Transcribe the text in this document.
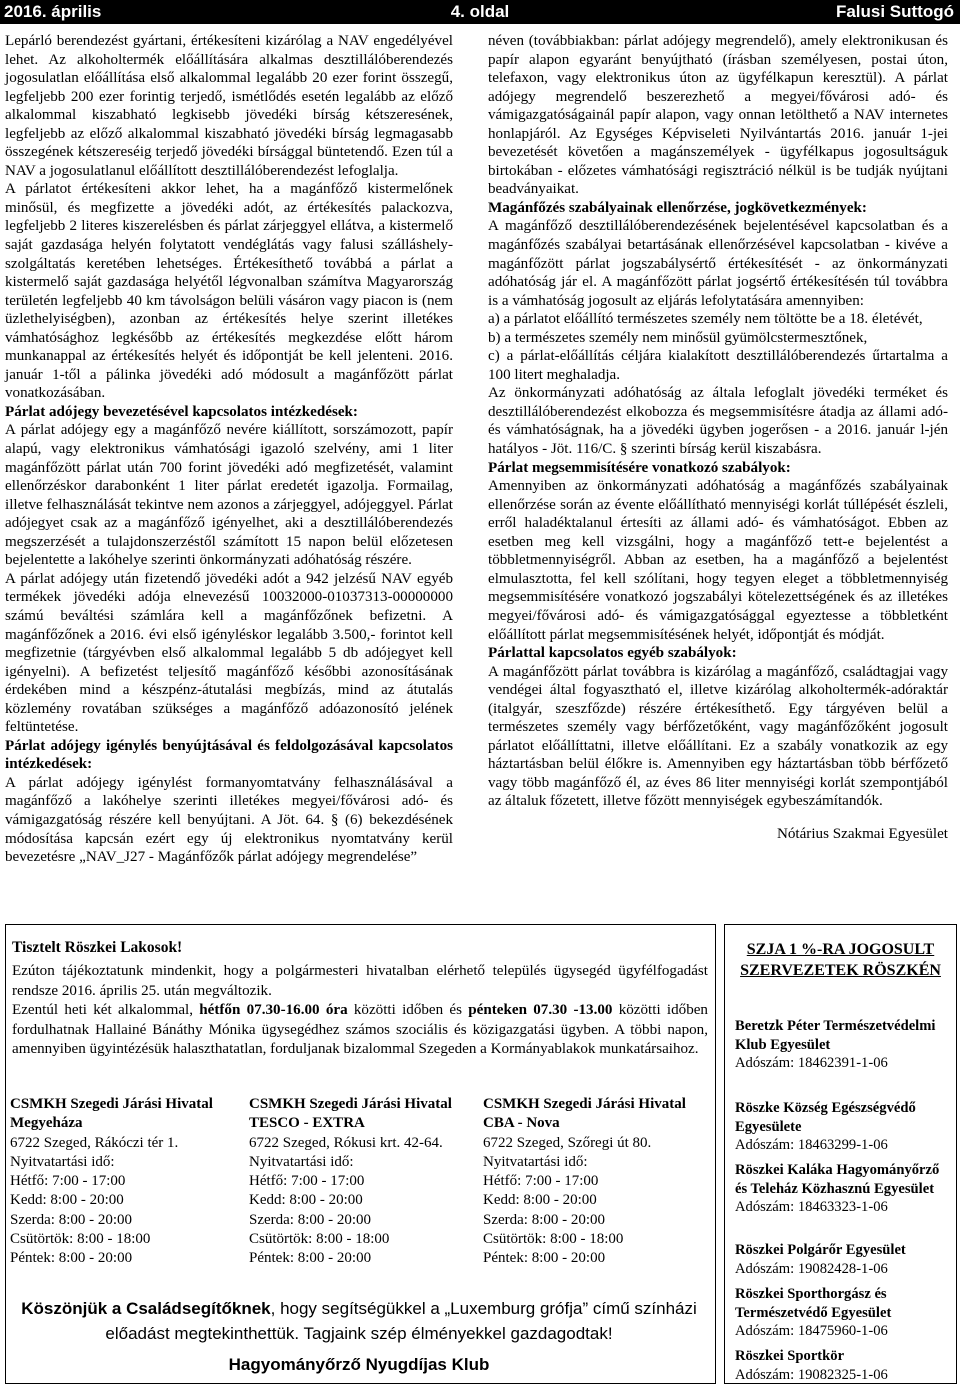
4. oldal
2016. április	Falusi Suttogó

Lepárló berendezést gyártani, értékesíteni kizárólag a NAV engedélyével lehet. Az alkoholtermék előállítására alkalmas desztillálóberendezés jogosulatlan előállítása első alkalommal legalább 20 ezer forint összegű, legfeljebb 200 ezer forintig terjedő, ismétlődés esetén legalább az előző alkalommal kiszabható legkisebb jövedéki bírság kétszeresének, legfeljebb az előző alkalommal kiszabható jövedéki bírság legmagasabb összegének kétszereséig terjedő jövedéki bírsággal büntetendő. Ezen túl a NAV a jogosulatlanul előállított desztillálóberendezést lefoglalja.

A párlatot értékesíteni akkor lehet, ha a magánfőző kistermelőnek minősül, és megfizette a jövedéki adót, az értékesítés palackozva, legfeljebb 2 literes kiszerelésben és párlat zárjeggyel ellátva, a kistermelő saját gazdasága helyén folytatott vendéglátás vagy falusi szálláshely-szolgáltatás keretében lehetséges. Értékesíthető továbbá a párlat a kistermelő saját gazdasága helyétől légvonalban számítva Magyarország területén legfeljebb 40 km távolságon belüli vásáron vagy piacon is (nem üzlethelyiségben), azonban az értékesítés helye szerint illetékes vámhatósághoz legkésőbb az értékesítés megkezdése előtt három munkanappal az értékesítés helyét és időpontját be kell jelenteni. 2016. január 1-től a pálinka jövedéki adó módosult a magánfőzött párlat vonatkozásában.

Párlat adójegy bevezetésével kapcsolatos intézkedések:

A párlat adójegy egy a magánfőző nevére kiállított, sorszámozott, papír alapú, vagy elektronikus vámhatósági igazoló szelvény, ami 1 liter magánfőzött párlat után 700 forint jövedéki adó megfizetését, valamint ellenőrzéskor darabonként 1 liter párlat eredetét igazolja. Formailag, illetve felhasználását tekintve nem azonos a zárjeggyel, adójeggyel. Párlat adójegyet csak az a magánfőző igényelhet, aki a desztillálóberendezés megszerzését a tulajdonszerzéstől számított 15 napon belül előzetesen bejelentette a lakóhelye szerinti önkormányzati adóhatóság részére.

A párlat adójegy után fizetendő jövedéki adót a 942 jelzésű NAV egyéb termékek jövedéki adója elnevezésű 10032000-01037313-00000000 számú beváltési számlára kell a magánfőzőnek befizetni. A magánfőzőnek a 2016. évi első igényléskor legalább 3.500,- forintot kell megfizetnie (tárgyévben első alkalommal legalább 5 db adójegyet kell igényelni). A befizetést teljesítő magánfőző későbbi azonosításának érdekében mind a készpénz-átutalási megbízás, mind az átutalás közlemény rovatában szükséges a magánfőző adóazonosító jelének feltüntetése.

Párlat adójegy igénylés benyújtásával és feldolgozásával kapcsolatos intézkedések:

A párlat adójegy igénylést formanyomtatvány felhasználásával a magánfőző a lakóhelye szerinti illetékes megyei/fővárosi adó- és vámigazgatóság részére kell benyújtani. A Jöt. 64. § (6) bekezdésének módosítása kapcsán ezért egy új elektronikus nyomtatvány kerül bevezetésre „NAV_J27 - Magánfőzők párlat adójegy megrendelése”

néven (továbbiakban: párlat adójegy megrendelő), amely elektronikusan és papír alapon egyaránt benyújtható (írásban személyesen, postai úton, telefaxon, vagy elektronikus úton az ügyfélkapun keresztül). A párlat adójegy megrendelő beszerezhető a megyei/fővárosi adó- és vámigazgatóságainál papír alapon, vagy onnan letölthető a NAV internetes honlapjáról. Az Egységes Képviseleti Nyilvántartás 2016. január 1-jei bevezetését követően a magánszemélyek - ügyfélkapus jogosultságuk birtokában - előzetes vámhatósági regisztráció nélkül is be tudják nyújtani beadványaikat.

Magánfőzés szabályainak ellenőrzése, jogkövetkezmények:

A magánfőző desztillálóberendezésének bejelentésével kapcsolatban és a magánfőzés szabályai betartásának ellenőrzésével kapcsolatban - kivéve a magánfőzött párlat jogszabálysértő értékesítését - az önkormányzati adóhatóság jár el. A magánfőzött párlat jogsértő értékesítésén túl továbbra is a vámhatóság jogosult az eljárás lefolytatására amennyiben:

a) a párlatot előállító természetes személy nem töltötte be a 18. életévét,

b) a természetes személy nem minősül gyümölcstermesztőnek,

c) a párlat-előállítás céljára kialakított desztillálóberendezés űrtartalma a 100 litert meghaladja.

Az önkormányzati adóhatóság az általa lefoglalt jövedéki terméket és desztillálóberendezést elkobozza és megsemmisítésre átadja az állami adó- és vámhatóságnak, ha a jövedéki ügyben jogerősen - a 2016. január l-jén hatályos - Jöt. 116/C. § szerinti bírság kerül kiszabásra.

Párlat megsemmisítésére vonatkozó szabályok:

Amennyiben az önkormányzati adóhatóság a magánfőzés szabályainak ellenőrzése során az évente előállítható mennyiségi korlát túllépését észleli, erről haladéktalanul értesíti az állami adó- és vámhatóságot. Ebben az esetben meg kell vizsgálni, hogy a magánfőző tett-e bejelentést a többletmennyiségről. Abban az esetben, ha a magánfőző a bejelentést elmulasztotta, fel kell szólítani, hogy tegyen eleget a többletmennyiség megsemmisítésére vonatkozó jogszabályi kötelezettségének és az illetékes megyei/fővárosi adó- és vámigazgatósággal egyeztesse a többletként előállított párlat megsemmisítésének helyét, időpontját és módját.

Párlattal kapcsolatos egyéb szabályok:

A magánfőzött párlat továbbra is kizárólag a magánfőző, családtagjai vagy vendégei által fogyasztható el, illetve kizárólag alkoholtermék-adóraktár (italgyár, szeszfőzde) részére értékesíthető. Egy tárgyéven belül a természetes személy vagy bérfőzetőként, vagy magánfőzőként jogosult párlatot előállíttatni, illetve előállítani. Ez a szabály vonatkozik az egy háztartásban belül élőkre is. Amennyiben egy háztartásban több bérfőzető vagy több magánfőző él, az éves 86 liter mennyiségi korlát szempontjából az általuk főzetett, illetve főzött mennyiségek egybeszámítandók.

Nótárius Szakmai Egyesület

Tisztelt Röszkei Lakosok!

Ezúton tájékoztatunk mindenkit, hogy a polgármesteri hivatalban elérhető település ügysegéd ügyfélfogadást rendsze 2016. április 25. után megváltozik.
Ezentúl heti két alkalommal, hétfőn 07.30-16.00 óra közötti időben és pénteken 07.30 -13.00 közötti időben fordulhatnak Hallainé Bánáthy Mónika ügysegédhez számos szociális és közigazgatási ügyben. A többi napon, amennyiben ügyintézésük halaszthatatlan, forduljanak bizalommal Szegeden a Kormányablakok munkatársaihoz.

CSMKH Szegedi Járási Hivatal
Megyeháza
6722 Szeged, Rákóczi tér 1.
Nyitvatartási idő:
Hétfő: 7:00 - 17:00
Kedd: 8:00 - 20:00
Szerda: 8:00 - 20:00
Csütörtök: 8:00 - 18:00
Péntek: 8:00 - 20:00
CSMKH Szegedi Járási Hivatal
TESCO - EXTRA
6722 Szeged, Rókusi krt. 42-64.
Nyitvatartási idő:
Hétfő: 7:00 - 17:00
Kedd: 8:00 - 20:00
Szerda: 8:00 - 20:00
Csütörtök: 8:00 - 18:00
Péntek: 8:00 - 20:00
CSMKH Szegedi Járási Hivatal
CBA - Nova
6722 Szeged, Szőregi út 80.
Nyitvatartási idő:
Hétfő: 7:00 - 17:00
Kedd: 8:00 - 20:00
Szerda: 8:00 - 20:00
Csütörtök: 8:00 - 18:00
Péntek: 8:00 - 20:00
Köszönjük a Családsegítőknek, hogy segítségükkel a „Luxemburg grófja” című színházi előadást megtekinthettük. Tagjaink szép élményekkel gazdagodtak!
Hagyományőrző Nyugdíjas Klub
SZJA 1 %-RA JOGOSULT SZERVEZETEK RÖSZKÉN
Beretzk Péter Természetvédelmi Klub Egyesület
Adószám: 18462391-1-06
Röszke Község Egészségvédő Egyesülete
Adószám: 18463299-1-06
Röszkei Kaláka Hagyományőrző és Teleház Közhasznú Egyesület
Adószám: 18463323-1-06
Röszkei Polgárőr Egyesület
Adószám: 19082428-1-06
Röszkei Sporthorgász és Természetvédő Egyesület
Adószám: 18475960-1-06
Röszkei Sportkör
Adószám: 19082325-1-06
